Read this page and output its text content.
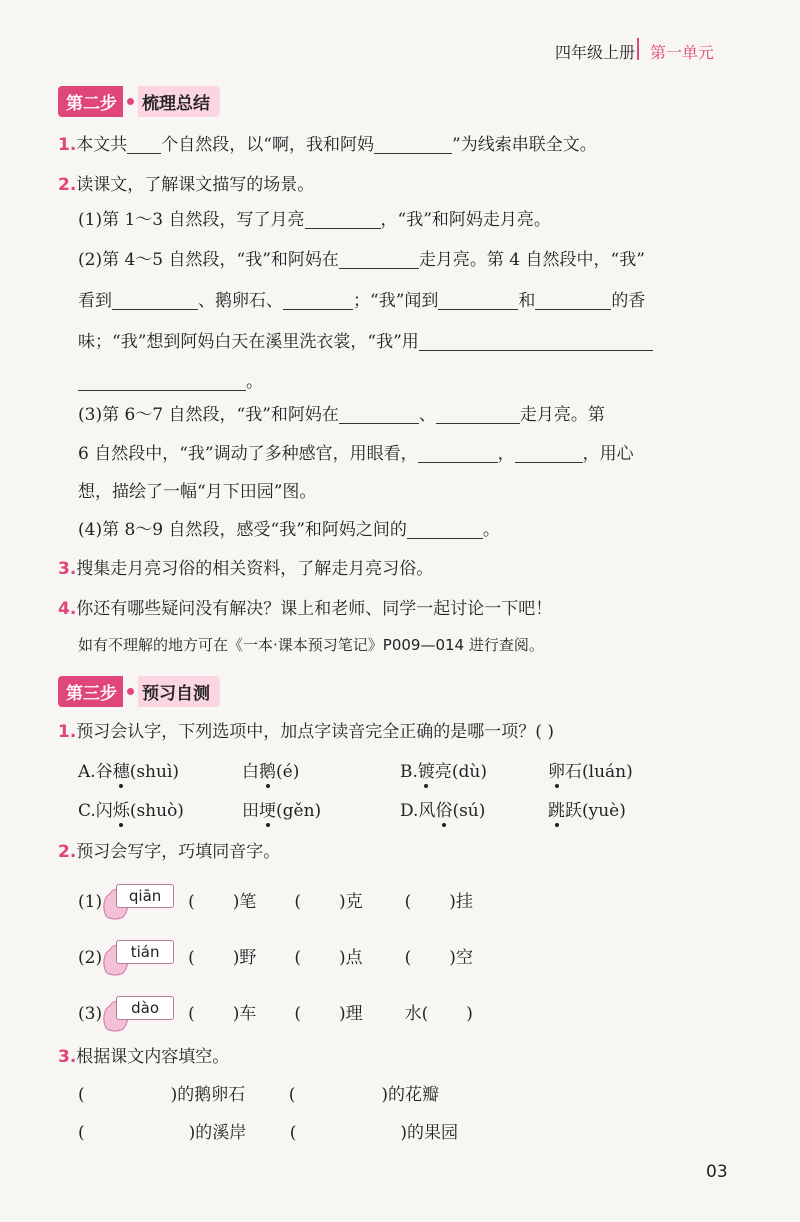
四年级上册 第一单元
第二步	梳理总结
1.本文共 个自然段，以“啊，我和阿妈	”为线索串联全文。
2.读课文，了解课文描写的场景。
(1)第 1～3 自然段，写了月亮	，“我”和阿妈走月亮。
(2)第 4～5 自然段，“我”和阿妈在	走月亮。第 4 自然段中，“我”
看到	、鹅卵石、	；“我”闻到	和	的香
味；“我”想到阿妈白天在溪里洗衣裳，“我”用
。
(3)第 6～7 自然段，“我”和阿妈在	、	走月亮。第
6 自然段中，“我”调动了多种感官，用眼看，	，	，用心
想，描绘了一幅“月下田园”图。
(4)第 8～9 自然段，感受“我”和阿妈之间的	。
3.搜集走月亮习俗的相关资料，了解走月亮习俗。
4.你还有哪些疑问没有解决？课上和老师、同学一起讨论一下吧！
如有不理解的地方可在《一本·课本预习笔记》P009—014 进行查阅。
第三步	预习自测
1.预习会认字，下列选项中，加点字读音完全正确的是哪一项？( )
A.谷穗(shuì)	白鹅(é)	B.镀亮(dù)	卵石(luán)
C.闪烁(shuò)	田埂(gěn)	D.风俗(sú)	跳跃(yuè)
2.预习会写字，巧填同音字。
(1)	qiān	( ) 笔 ( ) 克 ( ) 挂
(2)	tián	( ) 野 ( ) 点 ( ) 空
(3)	dào	( ) 车 ( ) 理 水 ( )
3.根据课文内容填空。
(	)的鹅卵石	(	)的花瓣
(	)的溪岸	(	)的果园
03
